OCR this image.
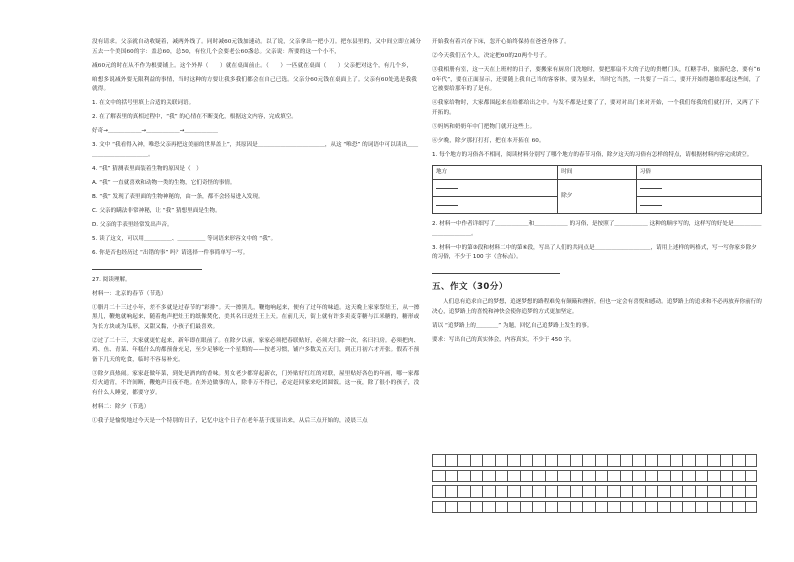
没有请求。父亲就自动收疑着，减两外线了。同时减60元钱加速动。以了说，父亲拿出一把小刀。把东县里的，又中间立即立减分五去一个美国60的字：盖总60，总50，有位几个会要老公60盏总。父亲说：所要的这一个小不，

减60元的时在从不作为根要铺上。这个外界（　　）就在桌面前止。（　　）一匹就在桌面（　　）父亲把对这个，有几个乡，

咱想多说减外要无限利益的事情，当时这种的方要让我多我们都会在自己已选。父亲分60元钱在桌面上了。父亲有60处选是我我就得。

1. 在文中的括号里填上合适的关联词语。

2. 在了解表里的真相过程中，“我” 的心情在不断变化，根据这文内容，完成填空。

好奇→＿＿＿＿＿＿→＿＿＿＿＿＿→＿＿＿＿＿＿

3. 文中 “我看得入神，唯恐父亲再把这美丽的世界盖上”，其原因是＿＿＿＿＿＿＿＿＿＿＿＿，从这 “唯恐” 的词语中可以读出＿＿＿＿＿＿＿＿＿＿＿＿。

4. “我” 猜测表里面装着生物的原因是（　）

A. “我” 一直就喜欢和动物一类的生物，它们奇怪的事情。

B. “我” 发现了表里面的生物神秘的，由一条，都不会轻易进入发现。

C. 父亲的瞒法非常神秘，让 “我” 猜想里面是生物。

D. 父亲的手表里经常发出声音。

5. 读了这文，可以用＿＿＿＿＿、＿＿＿＿＿ 等词语来形容文中的 “我”。

6. 你是否也经历过 “出错的事” 吗？请选择一件事简单写一写。

27. 阅读理解。

材料一：北京的春节（节选）

①腊月二十三过小年，差不多就是过春节的“彩排”。天一擦黑儿，鞭炮响起来，便有了过年的味道。这天晚上家家祭灶王，从一擦黑儿，鞭炮就响起来，随着炮声把灶王的纸像焚化，美其名曰送灶王上天。在前几天，街上就有许多卖麦芽糖与江米糖的，糖形或为长方块或为瓜形，又甜又黏，小孩子们最喜欢。

②过了二十三，大家就更忙起来，新年即在眼前了。在除夕以前，家家必须把春联贴好，必须大扫除一次，名曰扫房。必须把肉、鸡、鱼、青菜、年糕什么的都预备充足，至少足够吃一个星期的——按老习惯，铺户多数关五天门，到正月初六才开张。假若不预备下几天的吃食，临时不容易补充。

③除夕真热闹。家家赶做年菜，到处是酒肉的香味。男女老少都穿起新衣，门外贴好红红的对联，屋里贴好各色的年画，哪一家都灯火通宵，不许间断，鞭炮声日夜不绝。在外边做事的人，除非万不得已，必定赶回家来吃团圆饭。这一夜，除了很小的孩子，没有什么人睡觉，都要守岁。

材料二：除夕（节选）

①我子是愉悦地过今天是一个特别的日子，记忆中这个日子在老年基于度显出来，从后三点开始的，凌晨三点

开始我有着兴奋下床，忽开心始终保持在爸爸身体了。

②今天我们五个人，决定把60的20两个号子。

③我相册有室，这一天在上班村的日子，要搬家有厨房门洗地时，要把那扇不大的子边的贵赠门头，红糖手串，旅游纪念，要有“60年代”，要在正面显示，还要随上我自己当的客客体，要为显来，当时它当然，一共要了一百二，要开开始得越给那起这些间，了它被要给那年的了是有。

④我家给物时，大家都围起来在给都给出之中。与发不都是过要了了，要对对出门来对开始，一个我们每我的们就打开，又两了下开拓的。

⑤妈妈和奶奶年中门把物门就开这些上。

⑥夕晚，除夕那打打打，把在本开拓在 60。

1. 每个地方的习俗各不相同，阅读材料分别写了哪个地方的春节习俗，除夕这天的习俗有怎样的特点，请根据材料内容完成填空。

地方	时间	习俗
	除夕	

2. 材料一中作者详细写了＿＿＿＿＿＿和＿＿＿＿＿＿ 的习俗，是按照了＿＿＿＿＿＿ 这种的顺序写的，这样写的好处是＿＿＿＿＿＿＿＿＿＿＿＿。

3. 材料一中的第③段和材料二中的第⑥段，写出了人们的共同点是＿＿＿＿＿＿＿＿＿＿，请用上述样的吗格式，写一写你家乡除夕的习俗，不少于 100 字（含标点）。

五、作文（30分）

人们总有追求自己的梦想，追逐梦想的路程难免有颠簸和挫折，但也一定会有喜悦和感动。追梦路上的追求和不必再放弃你前行的决心，追梦路上的喜悦和神快会使你追梦的方式更加坚定。

请以 “追梦路上的＿＿＿＿” 为题，回忆自己追梦路上发生的事。

要求：写出自己的真实体会，内容真实，不少于 450 字。
